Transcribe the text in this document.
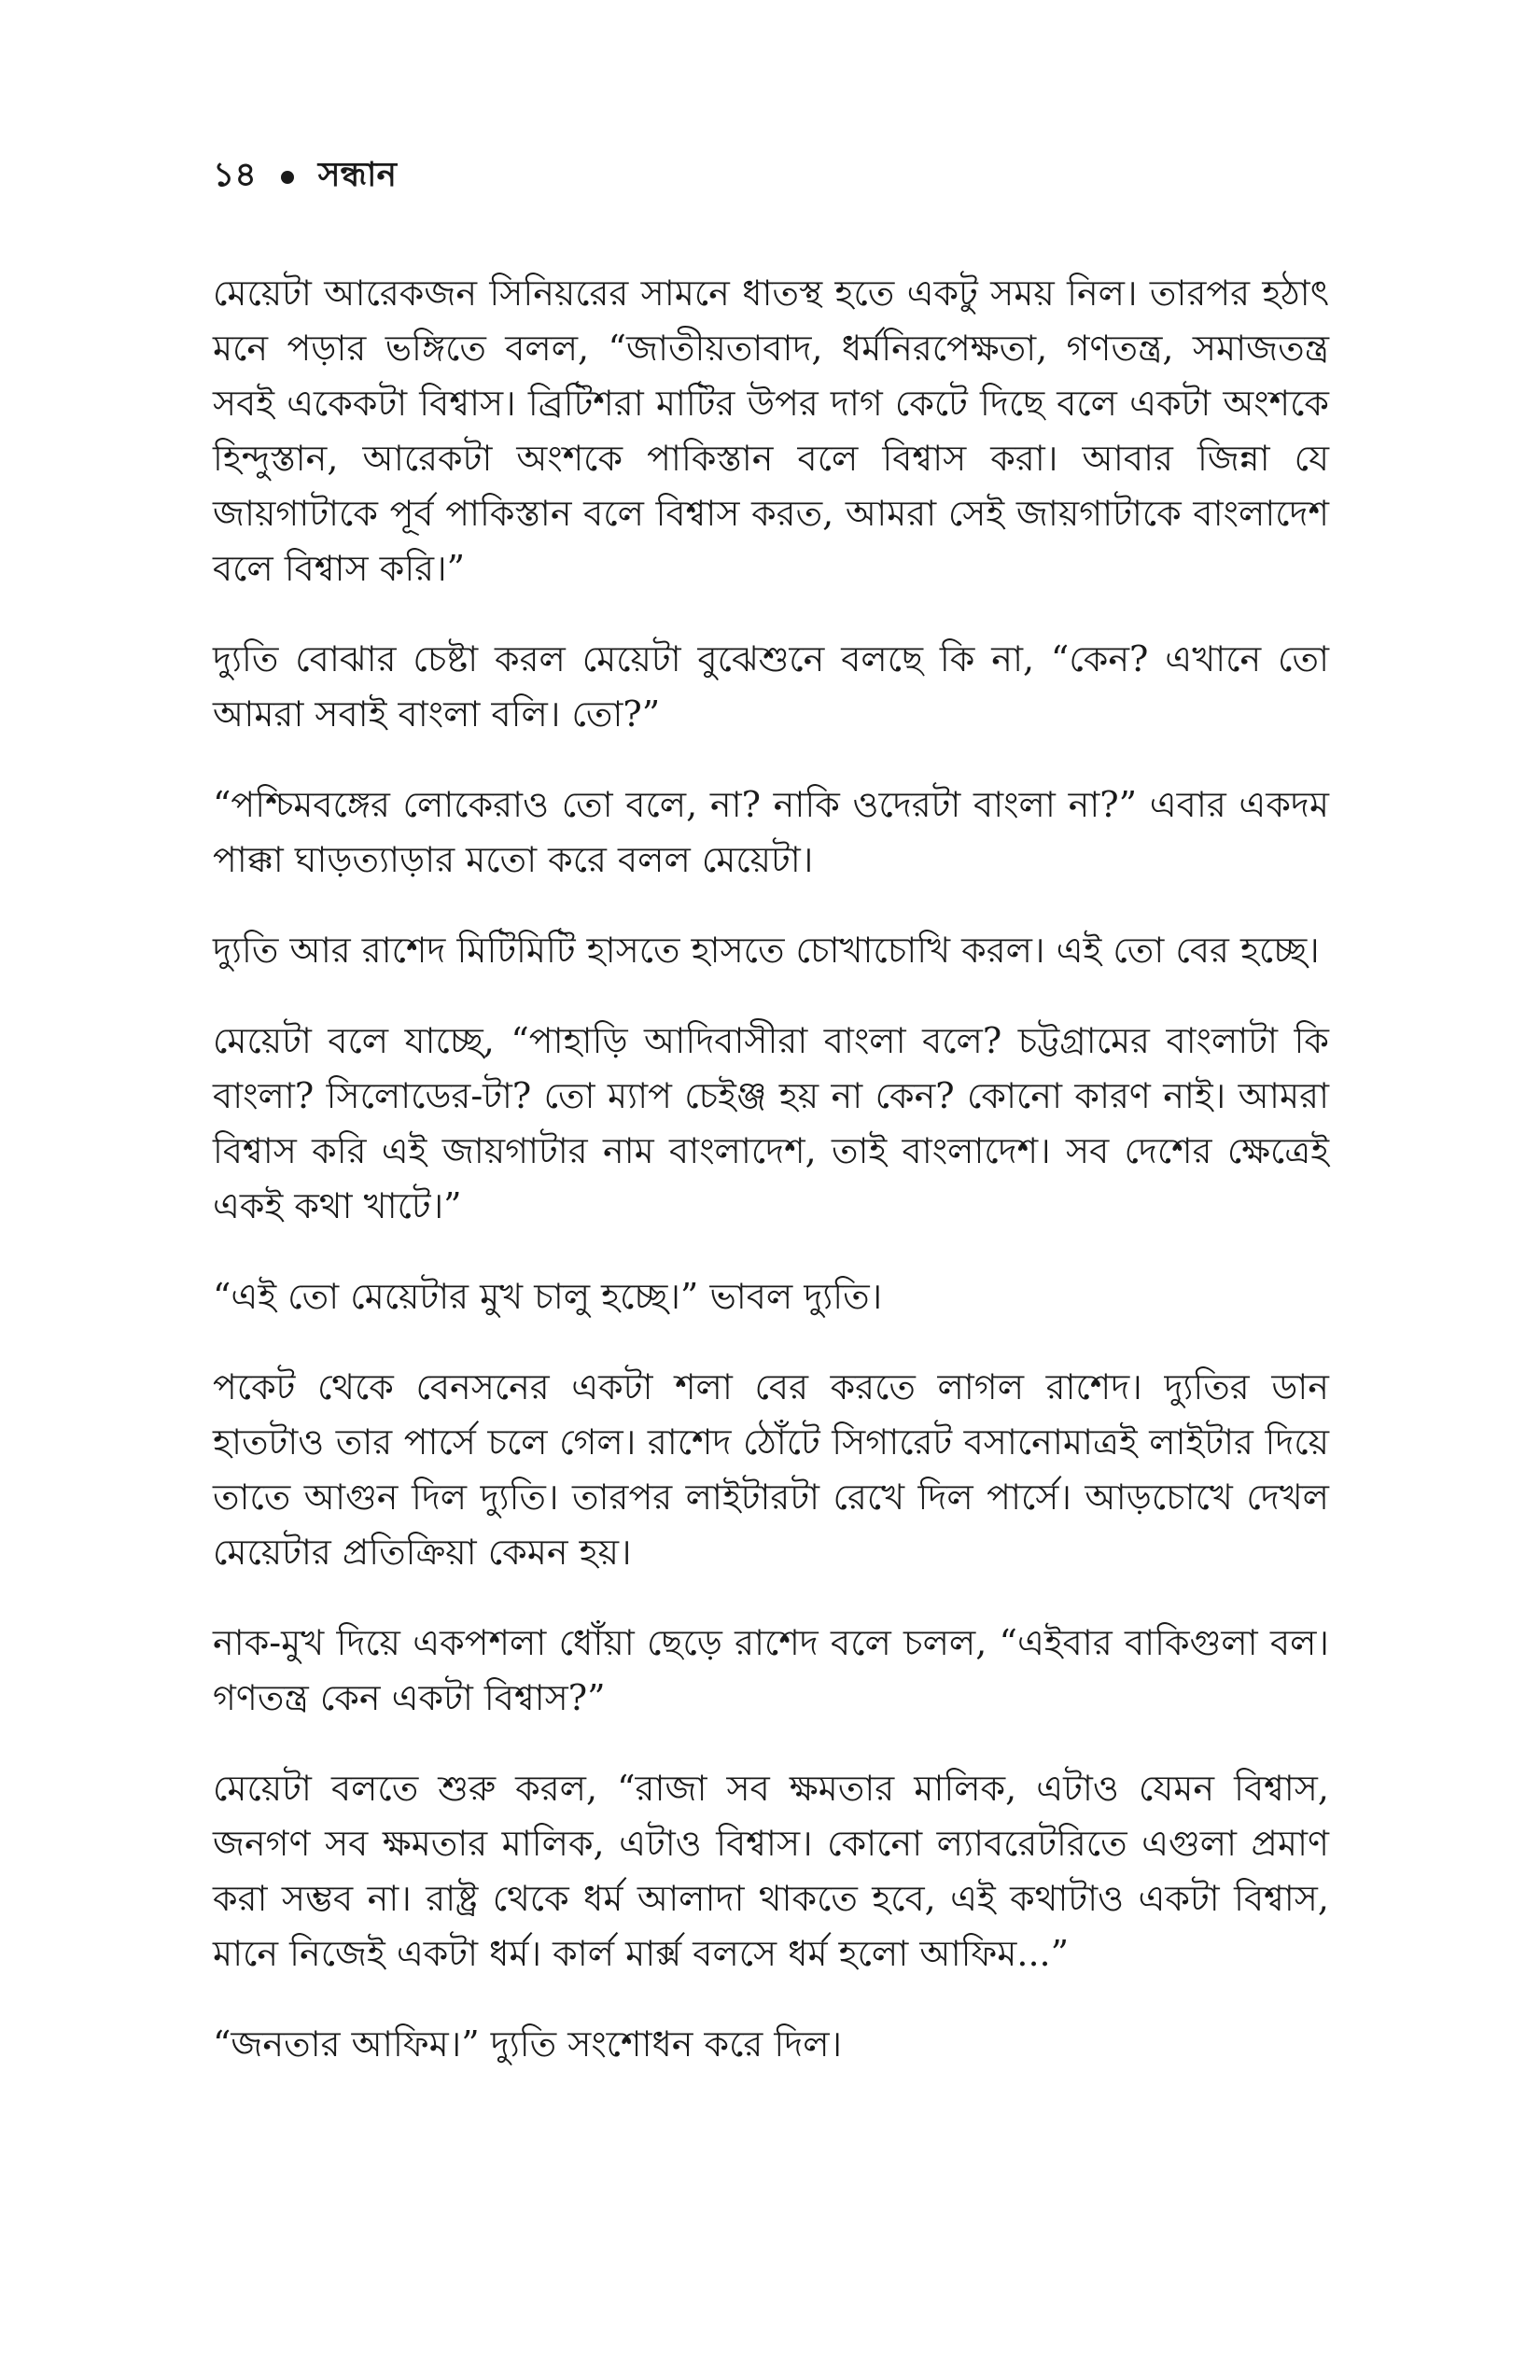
১৪ সন্ধান

মেয়েটা আরেকজন সিনিয়রের সামনে ধাতস্থ হতে একটু সময় নিল। তারপর হঠাৎ মনে পড়ার ভঙ্গিতে বলল, “জাতীয়তাবাদ, ধর্মনিরপেক্ষতা, গণতন্ত্র, সমাজতন্ত্র সবই একেকটা বিশ্বাস। ব্রিটিশরা মাটির উপর দাগ কেটে দিছে বলে একটা অংশকে হিন্দুস্তান, আরেকটা অংশকে পাকিস্তান বলে বিশ্বাস করা। আবার জিন্না যে জায়গাটাকে পূর্ব পাকিস্তান বলে বিশ্বাস করত, আমরা সেই জায়গাটাকে বাংলাদেশ বলে বিশ্বাস করি।”

দ্যুতি বোঝার চেষ্টা করল মেয়েটা বুঝেশুনে বলছে কি না, “কেন? এখানে তো আমরা সবাই বাংলা বলি। তো?”

“পশ্চিমবঙ্গের লোকেরাও তো বলে, না? নাকি ওদেরটা বাংলা না?” এবার একদম পাক্কা ঘাড়ত্যাড়ার মতো করে বলল মেয়েটা।

দ্যুতি আর রাশেদ মিটিমিটি হাসতে হাসতে চোখাচোখি করল। এই তো বের হচ্ছে।

মেয়েটা বলে যাচ্ছে, “পাহাড়ি আদিবাসীরা বাংলা বলে? চট্টগ্রামের বাংলাটা কি বাংলা? সিলোডের-টা? তো ম্যাপ চেইঞ্জ হয় না কেন? কোনো কারণ নাই। আমরা বিশ্বাস করি এই জায়গাটার নাম বাংলাদেশ, তাই বাংলাদেশ। সব দেশের ক্ষেত্রেই একই কথা খাটে।”

“এই তো মেয়েটার মুখ চালু হচ্ছে।” ভাবল দ্যুতি।

পকেট থেকে বেনসনের একটা শলা বের করতে লাগল রাশেদ। দ্যুতির ডান হাতটাও তার পার্সে চলে গেল। রাশেদ ঠোঁটে সিগারেট বসানোমাত্রই লাইটার দিয়ে তাতে আগুন দিল দ্যুতি। তারপর লাইটারটা রেখে দিল পার্সে। আড়চোখে দেখল মেয়েটার প্রতিক্রিয়া কেমন হয়।

নাক-মুখ দিয়ে একপশলা ধোঁয়া ছেড়ে রাশেদ বলে চলল, “এইবার বাকিগুলা বল। গণতন্ত্র কেন একটা বিশ্বাস?”

মেয়েটা বলতে শুরু করল, “রাজা সব ক্ষমতার মালিক, এটাও যেমন বিশ্বাস, জনগণ সব ক্ষমতার মালিক, এটাও বিশ্বাস। কোনো ল্যাবরেটরিতে এগুলা প্রমাণ করা সম্ভব না। রাষ্ট্র থেকে ধর্ম আলাদা থাকতে হবে, এই কথাটাও একটা বিশ্বাস, মানে নিজেই একটা ধর্ম। কার্ল মার্ক্স বলসে ধর্ম হলো আফিম...”

“জনতার আফিম।” দ্যুতি সংশোধন করে দিল।
